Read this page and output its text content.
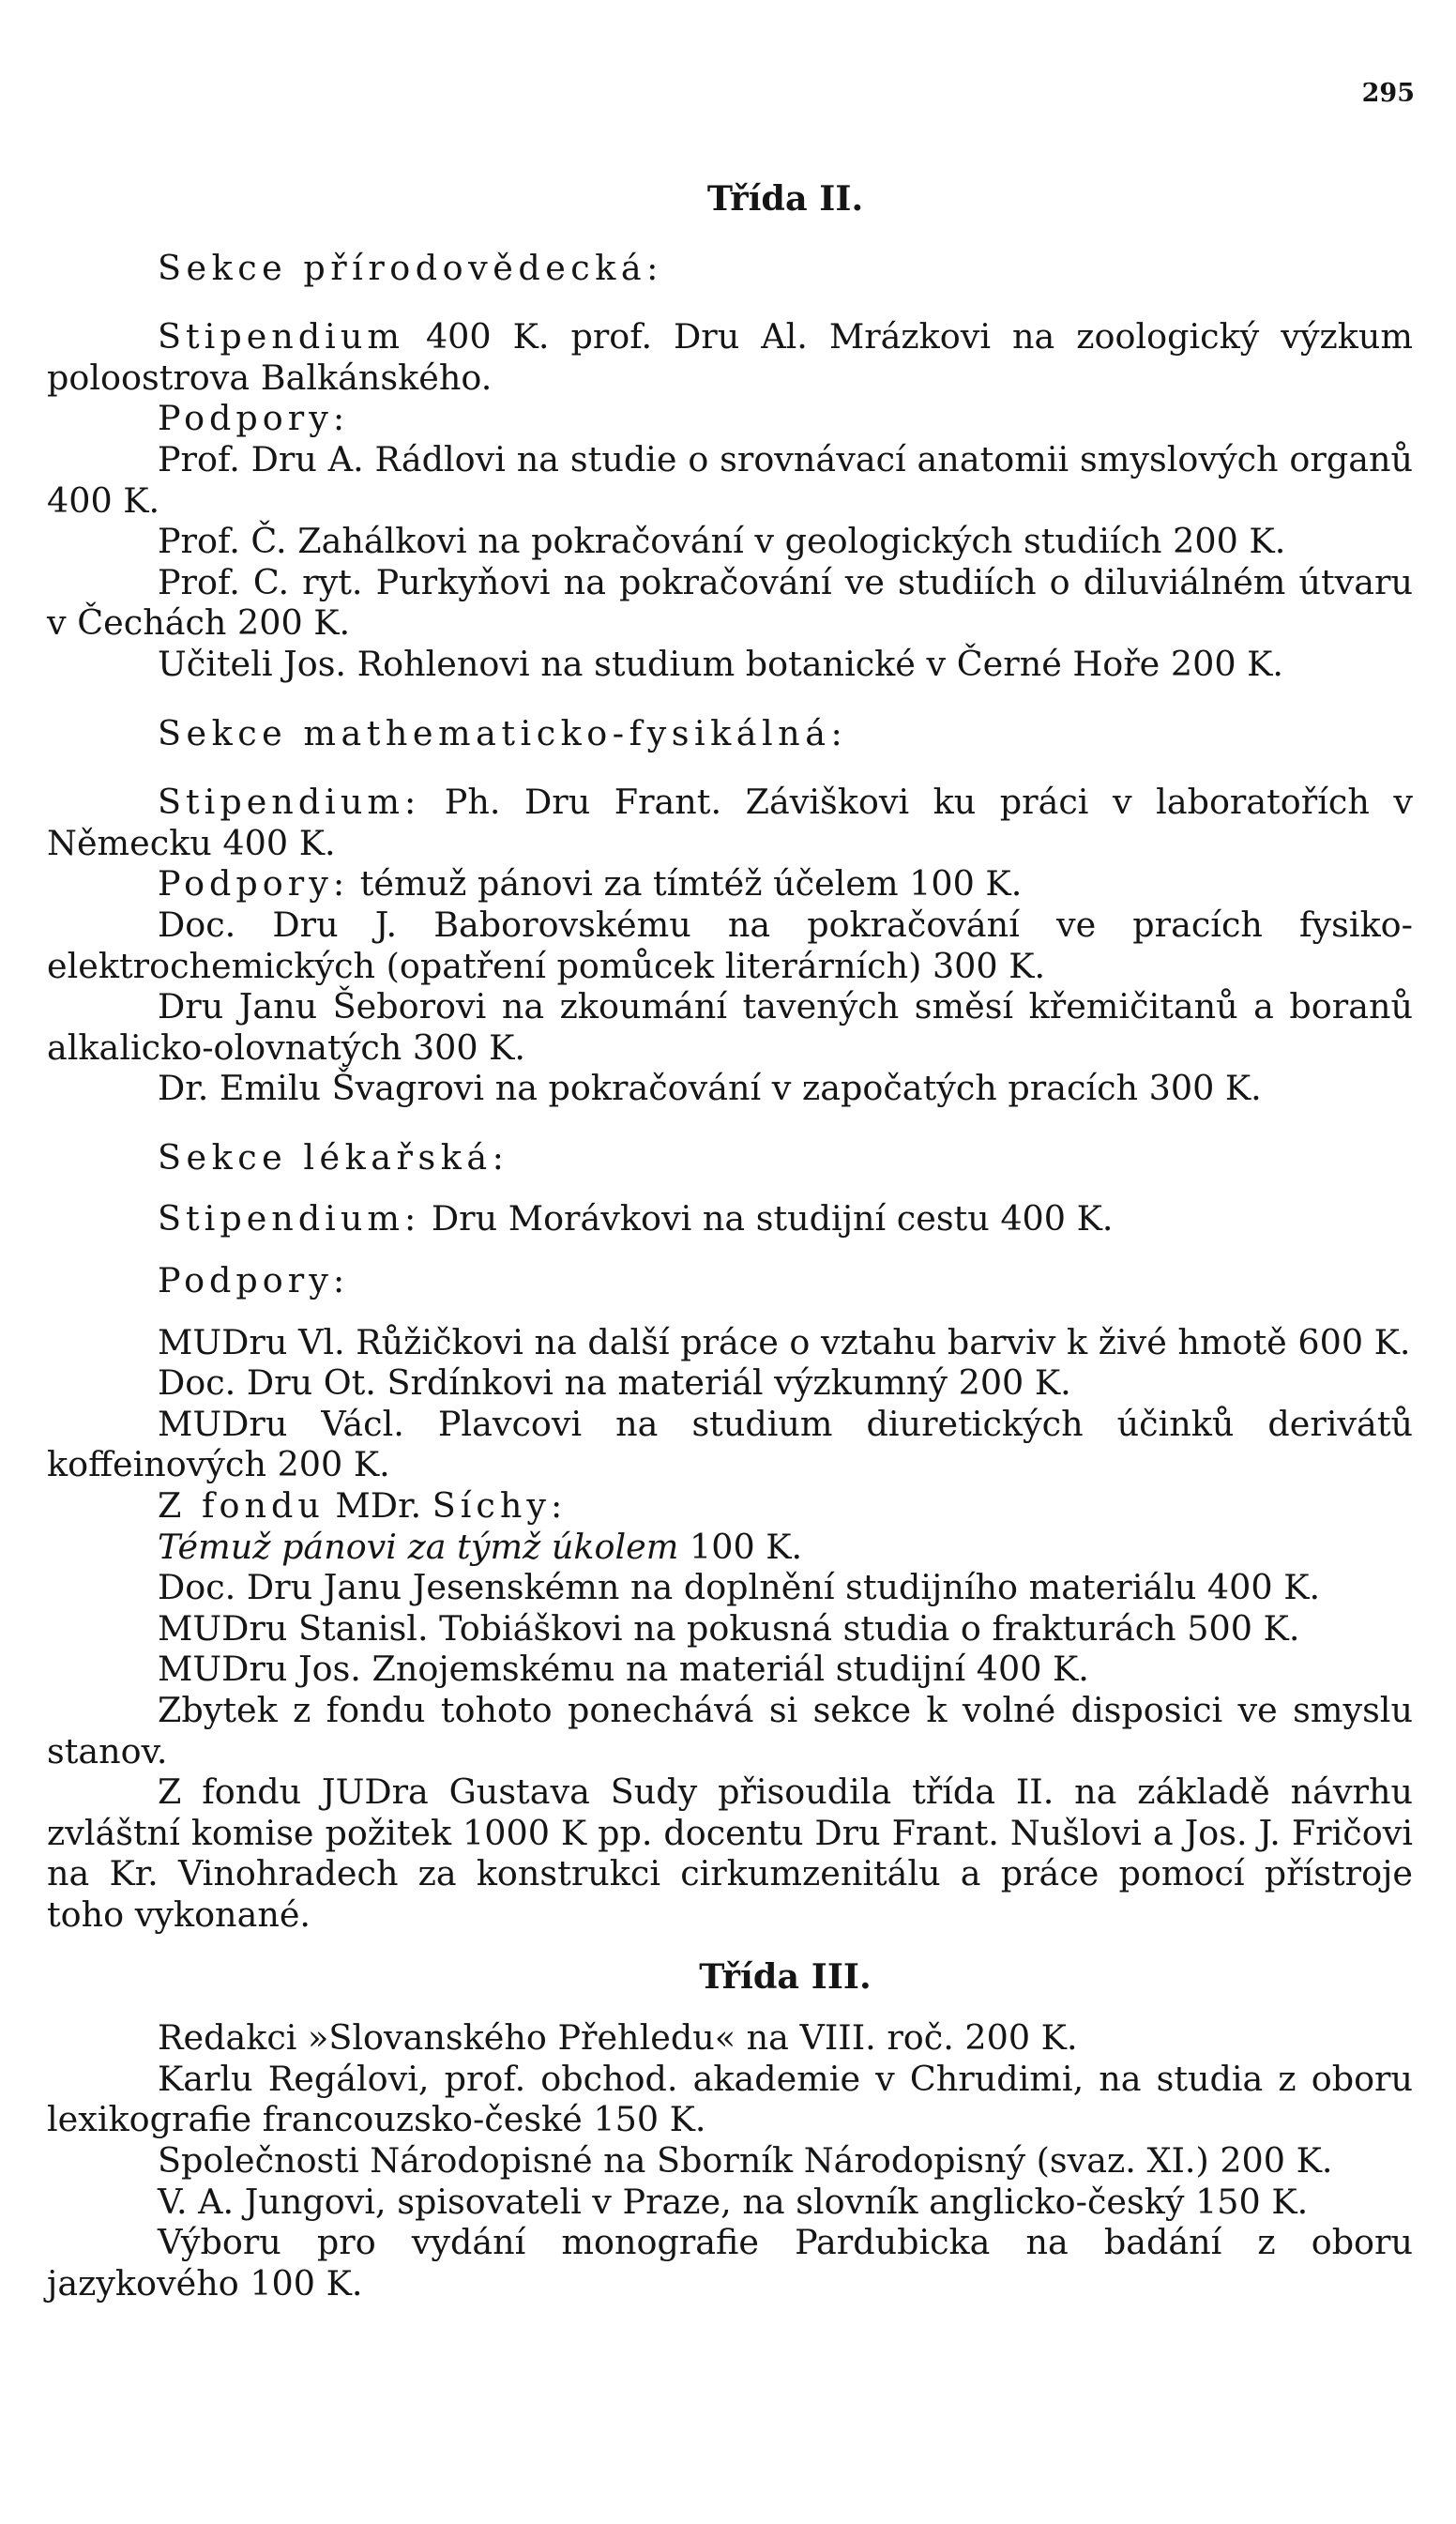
295

Třída II.

Sekce přírodovědecká:

Stipendium 400 K. prof. Dru Al. Mrázkovi na zoologický výzkum poloostrova Balkánského.

Podpory:

Prof. Dru A. Rádlovi na studie o srovnávací anatomii smyslových organů 400 K.

Prof. Č. Zahálkovi na pokračování v geologických studiích 200 K.

Prof. C. ryt. Purkyňovi na pokračování ve studiích o diluviálném útvaru v Čechách 200 K.

Učiteli Jos. Rohlenovi na studium botanické v Černé Hoře 200 K.

Sekce mathematicko-fysikálná:

Stipendium: Ph. Dru Frant. Záviškovi ku práci v laboratořích v Německu 400 K.

Podpory: témuž pánovi za tímtéž účelem 100 K.

Doc. Dru J. Baborovskému na pokračování ve pracích fysiko-elektrochemických (opatření pomůcek literárních) 300 K.

Dru Janu Šeborovi na zkoumání tavených směsí křemičitanů a boranů alkalicko-olovnatých 300 K.

Dr. Emilu Švagrovi na pokračování v započatých pracích 300 K.

Sekce lékařská:

Stipendium: Dru Morávkovi na studijní cestu 400 K.

Podpory:

MUDru Vl. Růžičkovi na další práce o vztahu barviv k živé hmotě 600 K.

Doc. Dru Ot. Srdínkovi na materiál výzkumný 200 K.

MUDru Václ. Plavcovi na studium diuretických účinků derivátů koffeinových 200 K.

Z fondu MDr. Síchy:

Témuž pánovi za týmž úkolem 100 K.

Doc. Dru Janu Jesenskémn na doplnění studijního materiálu 400 K.

MUDru Stanisl. Tobiáškovi na pokusná studia o frakturách 500 K.

MUDru Jos. Znojemskému na materiál studijní 400 K.

Zbytek z fondu tohoto ponechává si sekce k volné disposici ve smyslu stanov.

Z fondu JUDra Gustava Sudy přisoudila třída II. na základě návrhu zvláštní komise požitek 1000 K pp. docentu Dru Frant. Nušlovi a Jos. J. Fričovi na Kr. Vinohradech za konstrukci cirkumzenitálu a práce pomocí přístroje toho vykonané.

Třída III.

Redakci »Slovanského Přehledu« na VIII. roč. 200 K.

Karlu Regálovi, prof. obchod. akademie v Chrudimi, na studia z oboru lexikografie francouzsko-české 150 K.

Společnosti Národopisné na Sborník Národopisný (svaz. XI.) 200 K.

V. A. Jungovi, spisovateli v Praze, na slovník anglicko-český 150 K.

Výboru pro vydání monografie Pardubicka na badání z oboru jazykového 100 K.
